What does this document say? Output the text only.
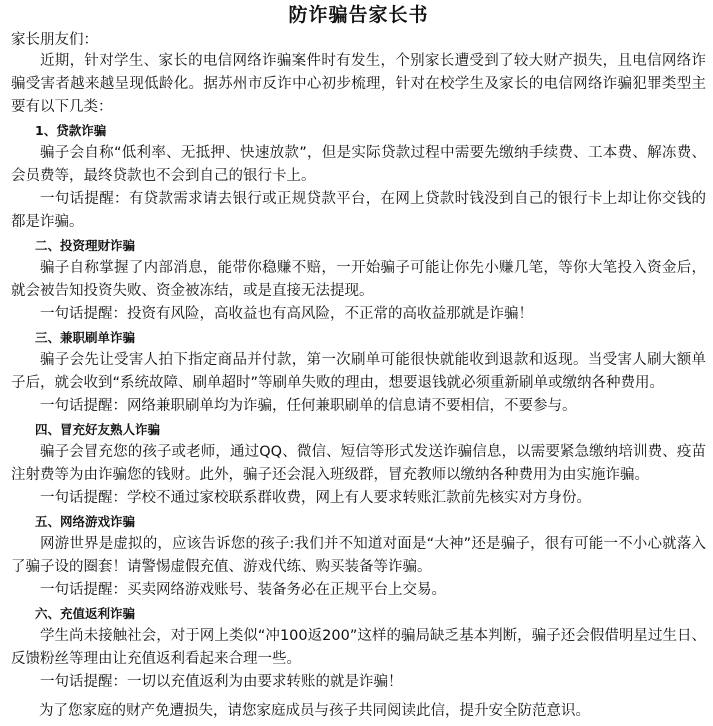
防诈骗告家长书
家长朋友们：

近期，针对学生、家长的电信网络诈骗案件时有发生，个别家长遭受到了较大财产损失，且电信网络诈骗受害者越来越呈现低龄化。据苏州市反诈中心初步梳理，针对在校学生及家长的电信网络诈骗犯罪类型主要有以下几类：

1、贷款诈骗

骗子会自称“低利率、无抵押、快速放款”，但是实际贷款过程中需要先缴纳手续费、工本费、解冻费、会员费等，最终贷款也不会到自己的银行卡上。

一句话提醒：有贷款需求请去银行或正规贷款平台，在网上贷款时钱没到自己的银行卡上却让你交钱的都是诈骗。

二、投资理财诈骗

骗子自称掌握了内部消息，能带你稳赚不赔，一开始骗子可能让你先小赚几笔，等你大笔投入资金后，就会被告知投资失败、资金被冻结，或是直接无法提现。

一句话提醒：投资有风险，高收益也有高风险，不正常的高收益那就是诈骗！

三、兼职刷单诈骗

骗子会先让受害人拍下指定商品并付款，第一次刷单可能很快就能收到退款和返现。当受害人刷大额单子后，就会收到“系统故障、刷单超时”等刷单失败的理由，想要退钱就必须重新刷单或缴纳各种费用。

一句话提醒：网络兼职刷单均为诈骗，任何兼职刷单的信息请不要相信，不要参与。

四、冒充好友熟人诈骗

骗子会冒充您的孩子或老师，通过QQ、微信、短信等形式发送诈骗信息，以需要紧急缴纳培训费、疫苗注射费等为由诈骗您的钱财。此外，骗子还会混入班级群，冒充教师以缴纳各种费用为由实施诈骗。

一句话提醒：学校不通过家校联系群收费，网上有人要求转账汇款前先核实对方身份。

五、网络游戏诈骗

网游世界是虚拟的，应该告诉您的孩子:我们并不知道对面是“大神”还是骗子，很有可能一不小心就落入了骗子设的圈套！请警惕虚假充值、游戏代练、购买装备等诈骗。

一句话提醒：买卖网络游戏账号、装备务必在正规平台上交易。

六、充值返利诈骗

学生尚未接触社会，对于网上类似“冲100返200”这样的骗局缺乏基本判断，骗子还会假借明星过生日、反馈粉丝等理由让充值返利看起来合理一些。

一句话提醒：一切以充值返利为由要求转账的就是诈骗！

为了您家庭的财产免遭损失，请您家庭成员与孩子共同阅读此信，提升安全防范意识。
